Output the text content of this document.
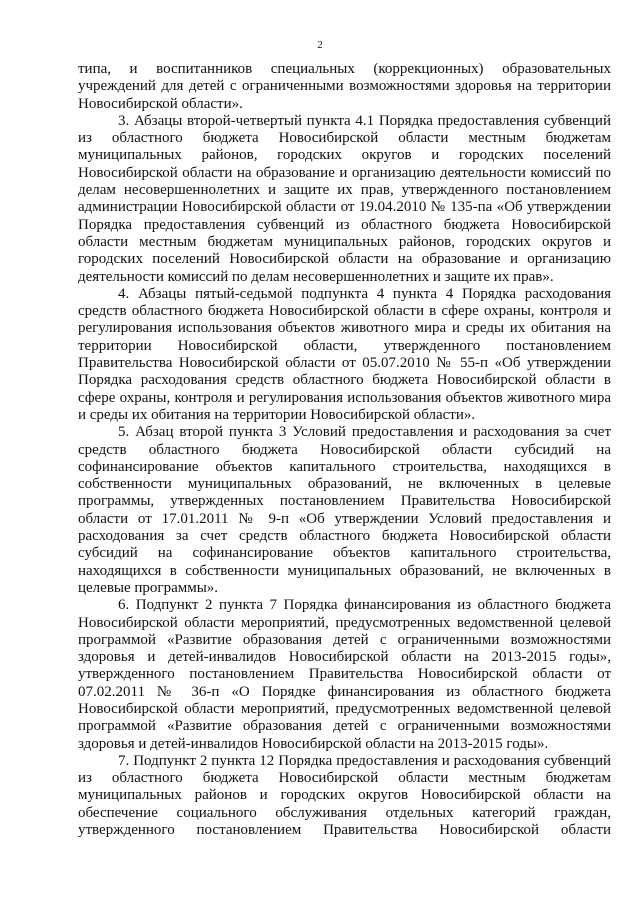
2

типа, и воспитанников специальных (коррекционных) образовательных учреждений для детей с ограниченными возможностями здоровья на территории Новосибирской области».

3. Абзацы второй-четвертый пункта 4.1 Порядка предоставления субвенций из областного бюджета Новосибирской области местным бюджетам муниципальных районов, городских округов и городских поселений Новосибирской области на образование и организацию деятельности комиссий по делам несовершеннолетних и защите их прав, утвержденного постановлением администрации Новосибирской области от 19.04.2010 № 135-па «Об утверждении Порядка предоставления субвенций из областного бюджета Новосибирской области местным бюджетам муниципальных районов, городских округов и городских поселений Новосибирской области на образование и организацию деятельности комиссий по делам несовершеннолетних и защите их прав».

4. Абзацы пятый-седьмой подпункта 4 пункта 4 Порядка расходования средств областного бюджета Новосибирской области в сфере охраны, контроля и регулирования использования объектов животного мира и среды их обитания на территории Новосибирской области, утвержденного постановлением Правительства Новосибирской области от 05.07.2010 № 55-п «Об утверждении Порядка расходования средств областного бюджета Новосибирской области в сфере охраны, контроля и регулирования использования объектов животного мира и среды их обитания на территории Новосибирской области».

5. Абзац второй пункта 3 Условий предоставления и расходования за счет средств областного бюджета Новосибирской области субсидий на софинансирование объектов капитального строительства, находящихся в собственности муниципальных образований, не включенных в целевые программы, утвержденных постановлением Правительства Новосибирской области от 17.01.2011 № 9-п «Об утверждении Условий предоставления и расходования за счет средств областного бюджета Новосибирской области субсидий на софинансирование объектов капитального строительства, находящихся в собственности муниципальных образований, не включенных в целевые программы».

6. Подпункт 2 пункта 7 Порядка финансирования из областного бюджета Новосибирской области мероприятий, предусмотренных ведомственной целевой программой «Развитие образования детей с ограниченными возможностями здоровья и детей-инвалидов Новосибирской области на 2013-2015 годы», утвержденного постановлением Правительства Новосибирской области от 07.02.2011 № 36-п «О Порядке финансирования из областного бюджета Новосибирской области мероприятий, предусмотренных ведомственной целевой программой «Развитие образования детей с ограниченными возможностями здоровья и детей-инвалидов Новосибирской области на 2013-2015 годы».

7. Подпункт 2 пункта 12 Порядка предоставления и расходования субвенций из областного бюджета Новосибирской области местным бюджетам муниципальных районов и городских округов Новосибирской области на обеспечение социального обслуживания отдельных категорий граждан, утвержденного постановлением Правительства Новосибирской области
